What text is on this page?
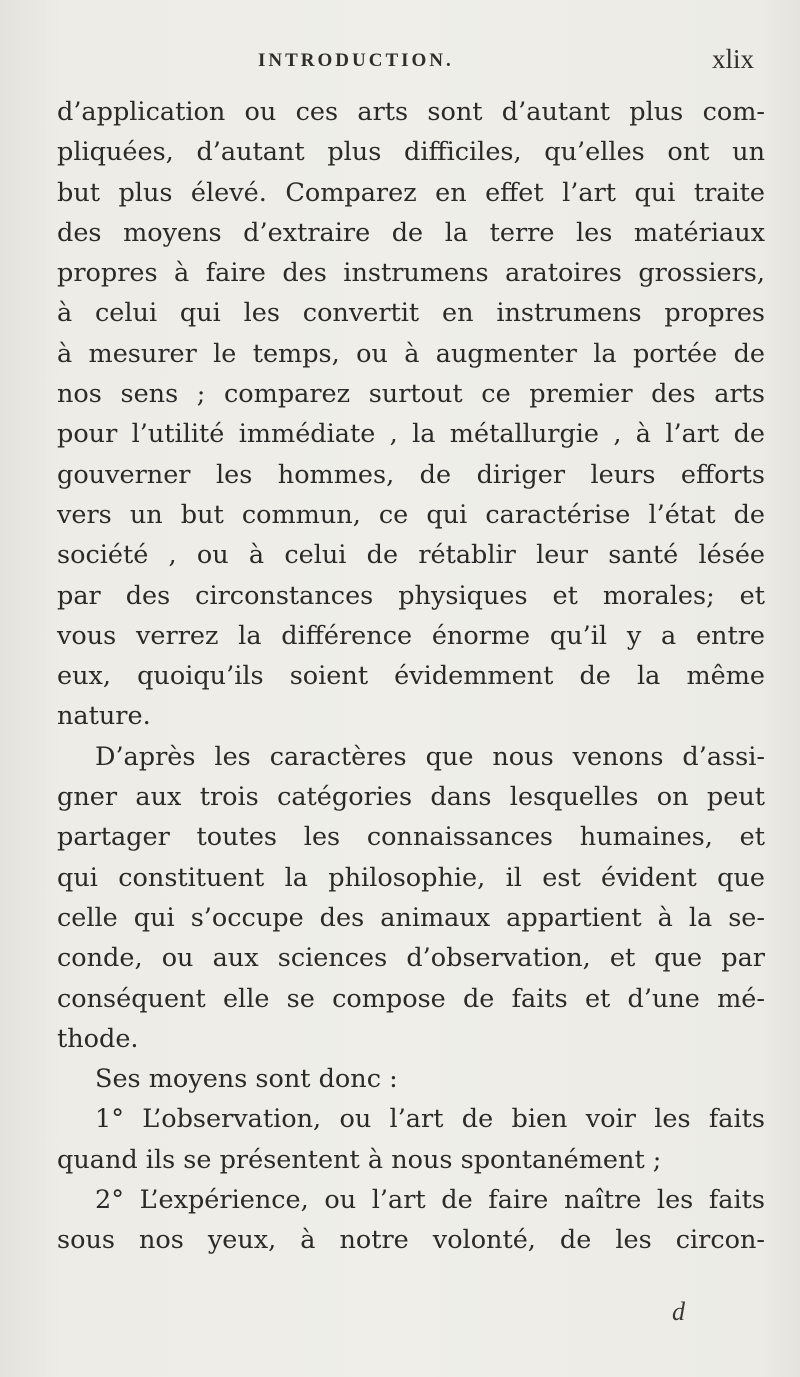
INTRODUCTION.	xlix
d’application ou ces arts sont d’autant plus com-
pliquées, d’autant plus difficiles, qu’elles ont un
but plus élevé. Comparez en effet l’art qui traite
des moyens d’extraire de la terre les matériaux
propres à faire des instrumens aratoires grossiers,
à celui qui les convertit en instrumens propres
à mesurer le temps, ou à augmenter la portée de
nos sens ; comparez surtout ce premier des arts
pour l’utilité immédiate , la métallurgie , à l’art de
gouverner les hommes, de diriger leurs efforts
vers un but commun, ce qui caractérise l’état de
société , ou à celui de rétablir leur santé lésée
par des circonstances physiques et morales; et
vous verrez la différence énorme qu’il y a entre
eux, quoiqu’ils soient évidemment de la même
nature.
D’après les caractères que nous venons d’assi-
gner aux trois catégories dans lesquelles on peut
partager toutes les connaissances humaines, et
qui constituent la philosophie, il est évident que
celle qui s’occupe des animaux appartient à la se-
conde, ou aux sciences d’observation, et que par
conséquent elle se compose de faits et d’une mé-
thode.
Ses moyens sont donc :
1° L’observation, ou l’art de bien voir les faits
quand ils se présentent à nous spontanément ;
2° L’expérience, ou l’art de faire naître les faits
sous nos yeux, à notre volonté, de les circon-
d
